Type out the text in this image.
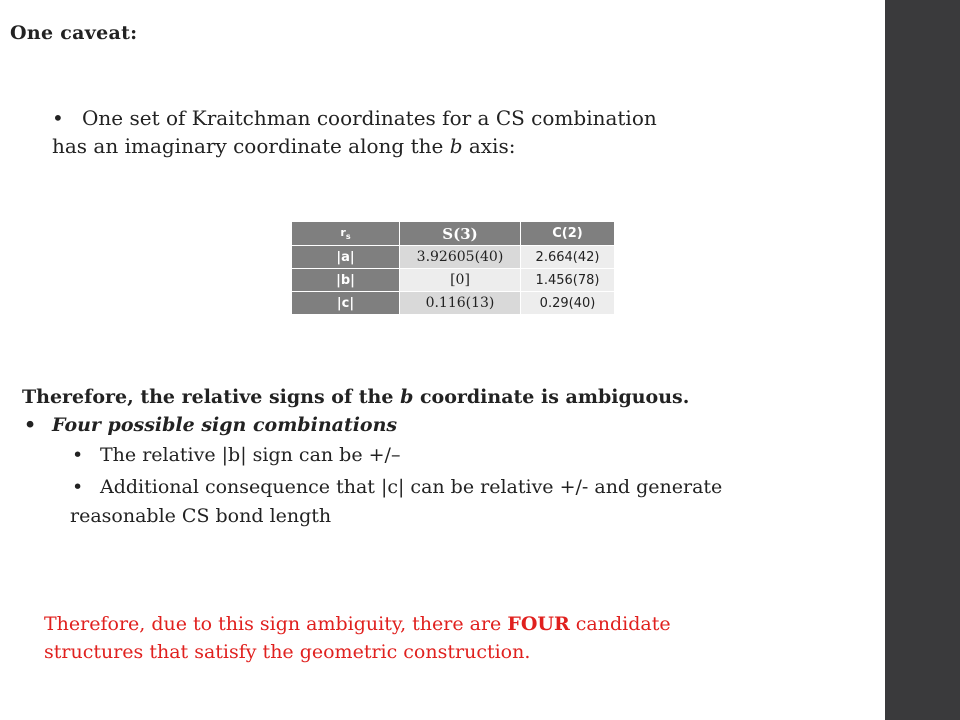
One caveat:
• One set of Kraitchman coordinates for a CS combination
has an imaginary coordinate along the b axis:
$r_s$	S(3)	C(2)
|a|	3.92605(40)	2.664(42)
|b|	[0]	1.456(78)
|c|	0.116(13)	0.29(40)
Therefore, the relative signs of the b coordinate is ambiguous.
• Four possible sign combinations
• The relative |b| sign can be +/–
• Additional consequence that |c| can be relative +/- and generate
reasonable CS bond length
Therefore, due to this sign ambiguity, there are FOUR candidate
structures that satisfy the geometric construction.
